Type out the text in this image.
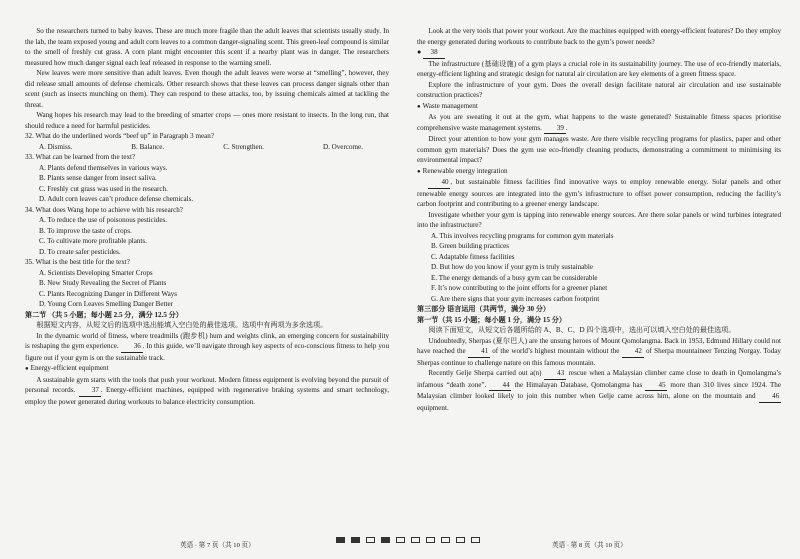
So the researchers turned to baby leaves. These are much more fragile than the adult leaves that scientists usually study. In the lab, the team exposed young and adult corn leaves to a common danger-signaling scent. This green-leaf compound is similar to the smell of freshly cut grass. A corn plant might encounter this scent if a nearby plant was in danger. The researchers measured how much danger signal each leaf released in response to the warning smell.

New leaves were more sensitive than adult leaves. Even though the adult leaves were worse at “smelling”, however, they did release small amounts of defense chemicals. Other research shows that these leaves can process danger signals other than scent (such as insects munching on them). They can respond to these attacks, too, by issuing chemicals aimed at tackling the threat.

Wang hopes his research may lead to the breeding of smarter crops — ones more resistant to insects. In the long run, that should reduce a need for harmful pesticides.

32. What do the underlined words “beef up” in Paragraph 3 mean?

A. Dismiss.	B. Balance.	C. Strengthen.	D. Overcome.

33. What can be learned from the text?

A. Plants defend themselves in various ways.

B. Plants sense danger from insect saliva.

C. Freshly cut grass was used in the research.

D. Adult corn leaves can’t produce defense chemicals.

34. What does Wang hope to achieve with his research?

A. To reduce the use of poisonous pesticides.

B. To improve the taste of crops.

C. To cultivate more profitable plants.

D. To create safer pesticides.

35. What is the best title for the text?

A. Scientists Developing Smarter Crops

B. New Study Revealing the Secret of Plants

C. Plants Recognizing Danger in Different Ways

D. Young Corn Leaves Smelling Danger Better

第二节 （共 5 小题；每小题 2.5 分，满分 12.5 分）

根据短文内容，从短文后的选项中选出能填入空白处的最佳选项。选项中有两项为多余选项。

In the dynamic world of fitness, where treadmills (跑步机) hum and weights clink, an emerging concern for sustainability is reshaping the gym experience. 36 . In this guide, we’ll navigate through key aspects of eco-conscious fitness to help you figure out if your gym is on the sustainable track.

● Energy-efficient equipment

A sustainable gym starts with the tools that push your workout. Modern fitness equipment is evolving beyond the pursuit of personal records. 37 . Energy-efficient machines, equipped with regenerative braking systems and smart technology, employ the power generated during workouts to balance electricity consumption.

Look at the very tools that power your workout. Are the machines equipped with energy-efficient features? Do they employ the energy generated during workouts to contribute back to the gym’s power needs?

● 38

The infrastructure (基础设施) of a gym plays a crucial role in its sustainability journey. The use of eco-friendly materials, energy-efficient lighting and strategic design for natural air circulation are key elements of a green fitness space.

Explore the infrastructure of your gym. Does the overall design facilitate natural air circulation and use sustainable construction practices?

● Waste management

As you are sweating it out at the gym, what happens to the waste generated? Sustainable fitness spaces prioritise comprehensive waste management systems. 39 .

Direct your attention to how your gym manages waste. Are there visible recycling programs for plastics, paper and other common gym materials? Does the gym use eco-friendly cleaning products, demonstrating a commitment to minimising its environmental impact?

● Renewable energy integration

40 , but sustainable fitness facilities find innovative ways to employ renewable energy. Solar panels and other renewable energy sources are integrated into the gym’s infrastructure to offset power consumption, reducing the facility’s carbon footprint and contributing to a greener energy landscape.

Investigate whether your gym is tapping into renewable energy sources. Are there solar panels or wind turbines integrated into the infrastructure?

A. This involves recycling programs for common gym materials

B. Green building practices

C. Adaptable fitness facilities

D. But how do you know if your gym is truly sustainable

E. The energy demands of a busy gym can be considerable

F. It’s now contributing to the joint efforts for a greener planet

G. Are there signs that your gym increases carbon footprint

第三部分 语言运用（共两节，满分 30 分）

第一节（共 15 小题；每小题 1 分，满分 15 分）

阅读下面短文，从短文后各题所给的 A、B、C、D 四个选项中，选出可以填入空白处的最佳选项。

Undoubtedly, Sherpas (夏尔巴人) are the unsung heroes of Mount Qomolangma. Back in 1953, Edmund Hillary could not have reached the 41 of the world’s highest mountain without the 42 of Sherpa mountaineer Tenzing Norgay. Today Sherpas continue to challenge nature on this famous mountain.

Recently Gelje Sherpa carried out a(n) 43 rescue when a Malaysian climber came close to death in Qomolangma’s infamous “death zone”. 44 the Himalayan Database, Qomolangma has 45 more than 310 lives since 1924. The Malaysian climber looked likely to join this number when Gelje came across him, alone on the mountain and 46 equipment.

英语 · 第 7 页（共 10 页）	英语 · 第 8 页（共 10 页）
